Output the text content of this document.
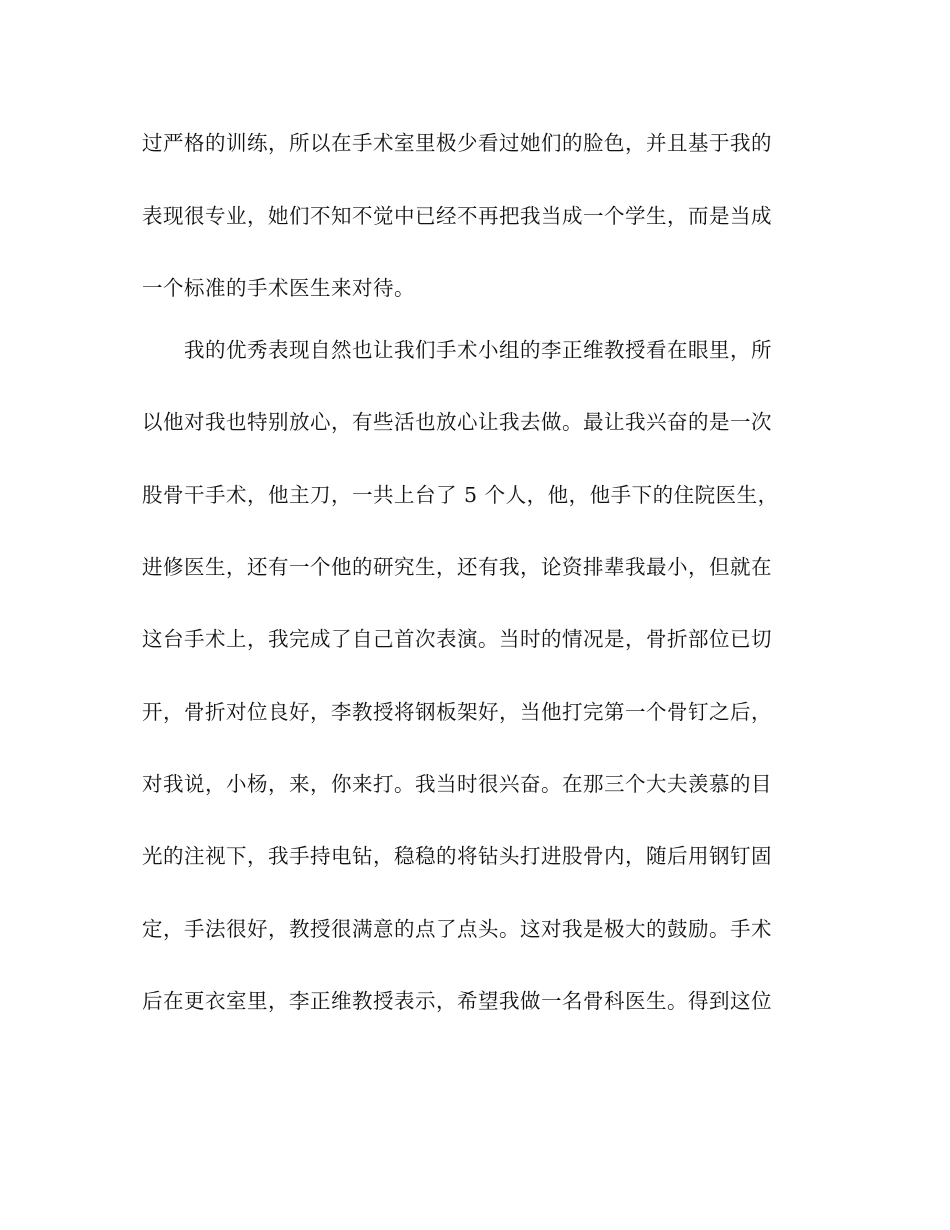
过严格的训练，所以在手术室里极少看过她们的脸色，并且基于我的
表现很专业，她们不知不觉中已经不再把我当成一个学生，而是当成
一个标准的手术医生来对待。
我的优秀表现自然也让我们手术小组的李正维教授看在眼里，所
以他对我也特别放心，有些活也放心让我去做。最让我兴奋的是一次
股骨干手术，他主刀，一共上台了 5 个人，他，他手下的住院医生，
进修医生，还有一个他的研究生，还有我，论资排辈我最小，但就在
这台手术上，我完成了自己首次表演。当时的情况是，骨折部位已切
开，骨折对位良好，李教授将钢板架好，当他打完第一个骨钉之后，
对我说，小杨，来，你来打。我当时很兴奋。在那三个大夫羡慕的目
光的注视下，我手持电钻，稳稳的将钻头打进股骨内，随后用钢钉固
定，手法很好，教授很满意的点了点头。这对我是极大的鼓励。手术
后在更衣室里，李正维教授表示，希望我做一名骨科医生。得到这位
